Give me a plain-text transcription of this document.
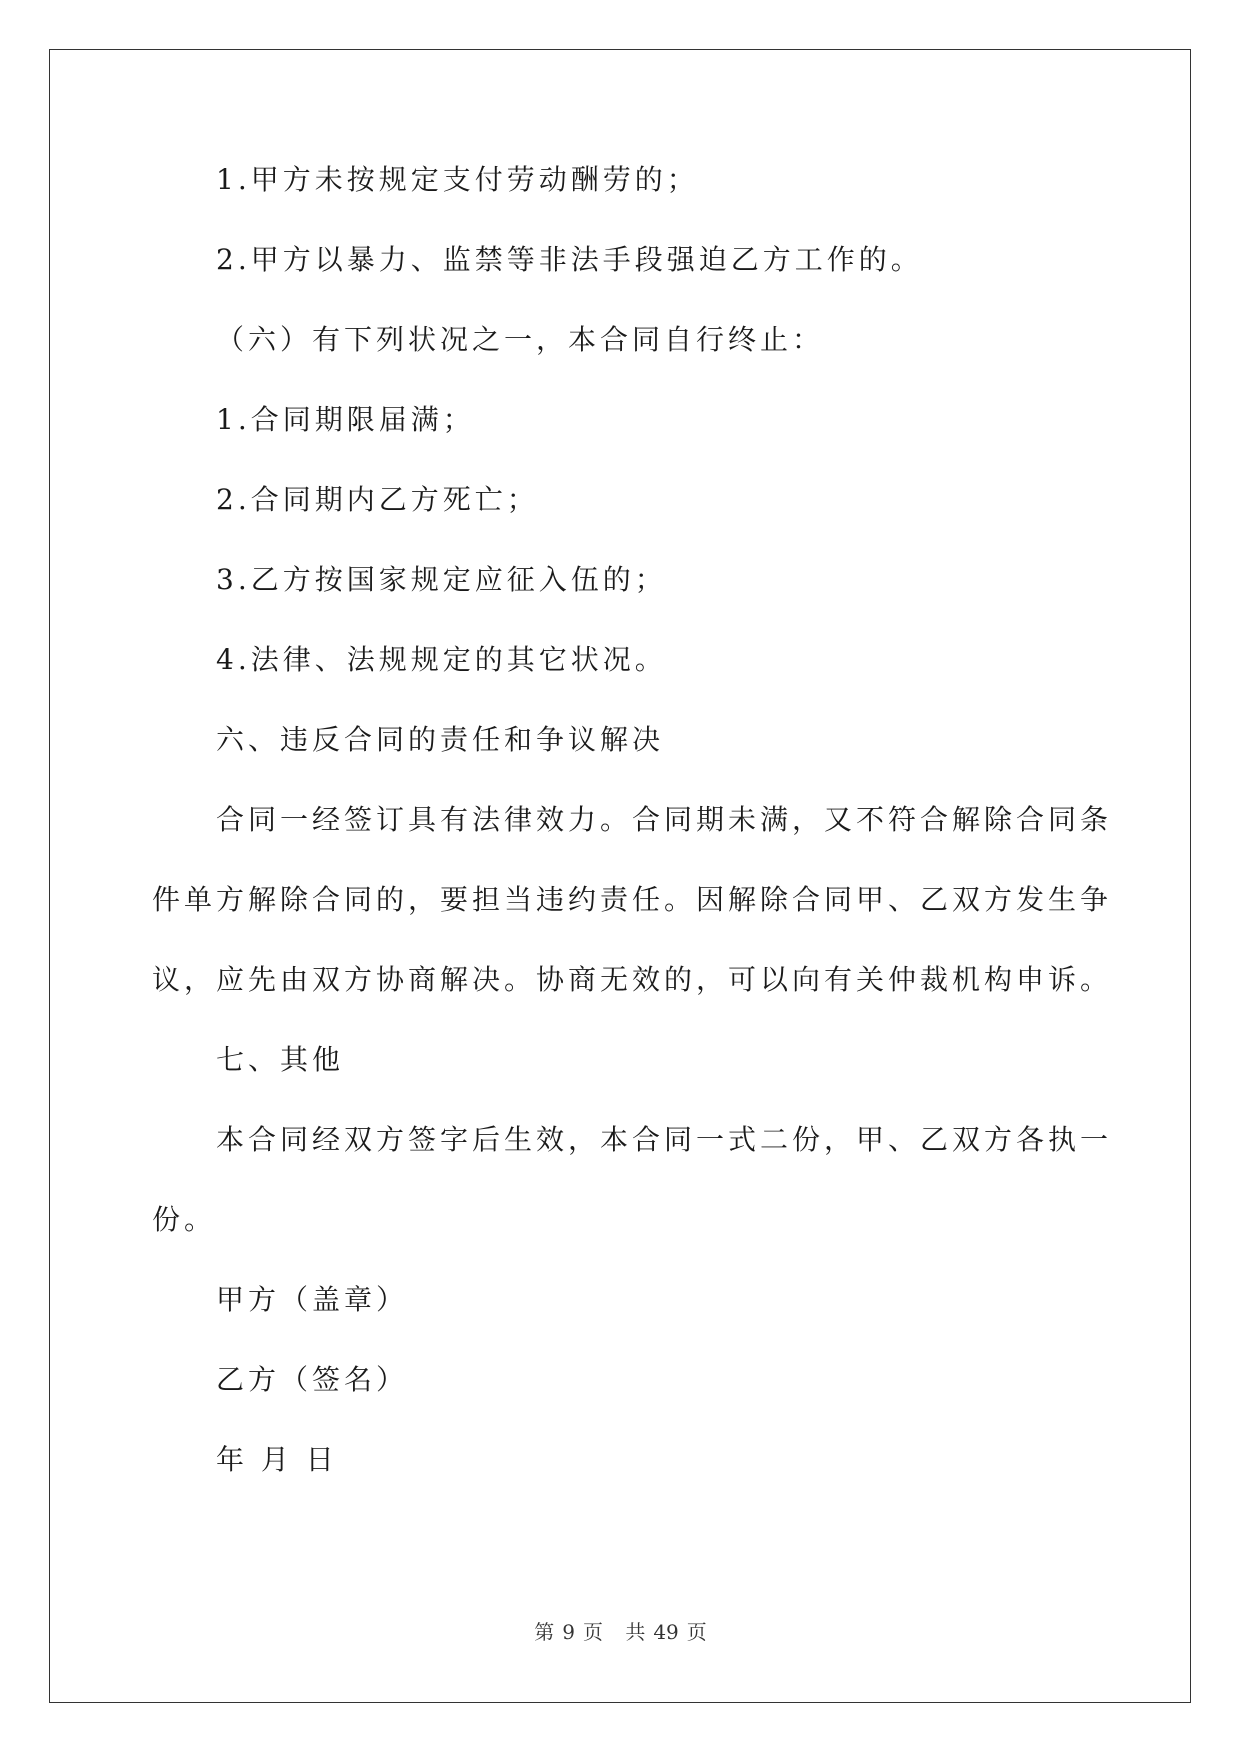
1.甲方未按规定支付劳动酬劳的；

2.甲方以暴力、监禁等非法手段强迫乙方工作的。

（六）有下列状况之一，本合同自行终止：

1.合同期限届满；

2.合同期内乙方死亡；

3.乙方按国家规定应征入伍的；

4.法律、法规规定的其它状况。

六、违反合同的责任和争议解决

合同一经签订具有法律效力。合同期未满，又不符合解除合同条

件单方解除合同的，要担当违约责任。因解除合同甲、乙双方发生争

议，应先由双方协商解决。协商无效的，可以向有关仲裁机构申诉。

七、其他

本合同经双方签字后生效，本合同一式二份，甲、乙双方各执一

份。

甲方（盖章）

乙方（签名）

年 月 日

第 9 页 共 49 页
